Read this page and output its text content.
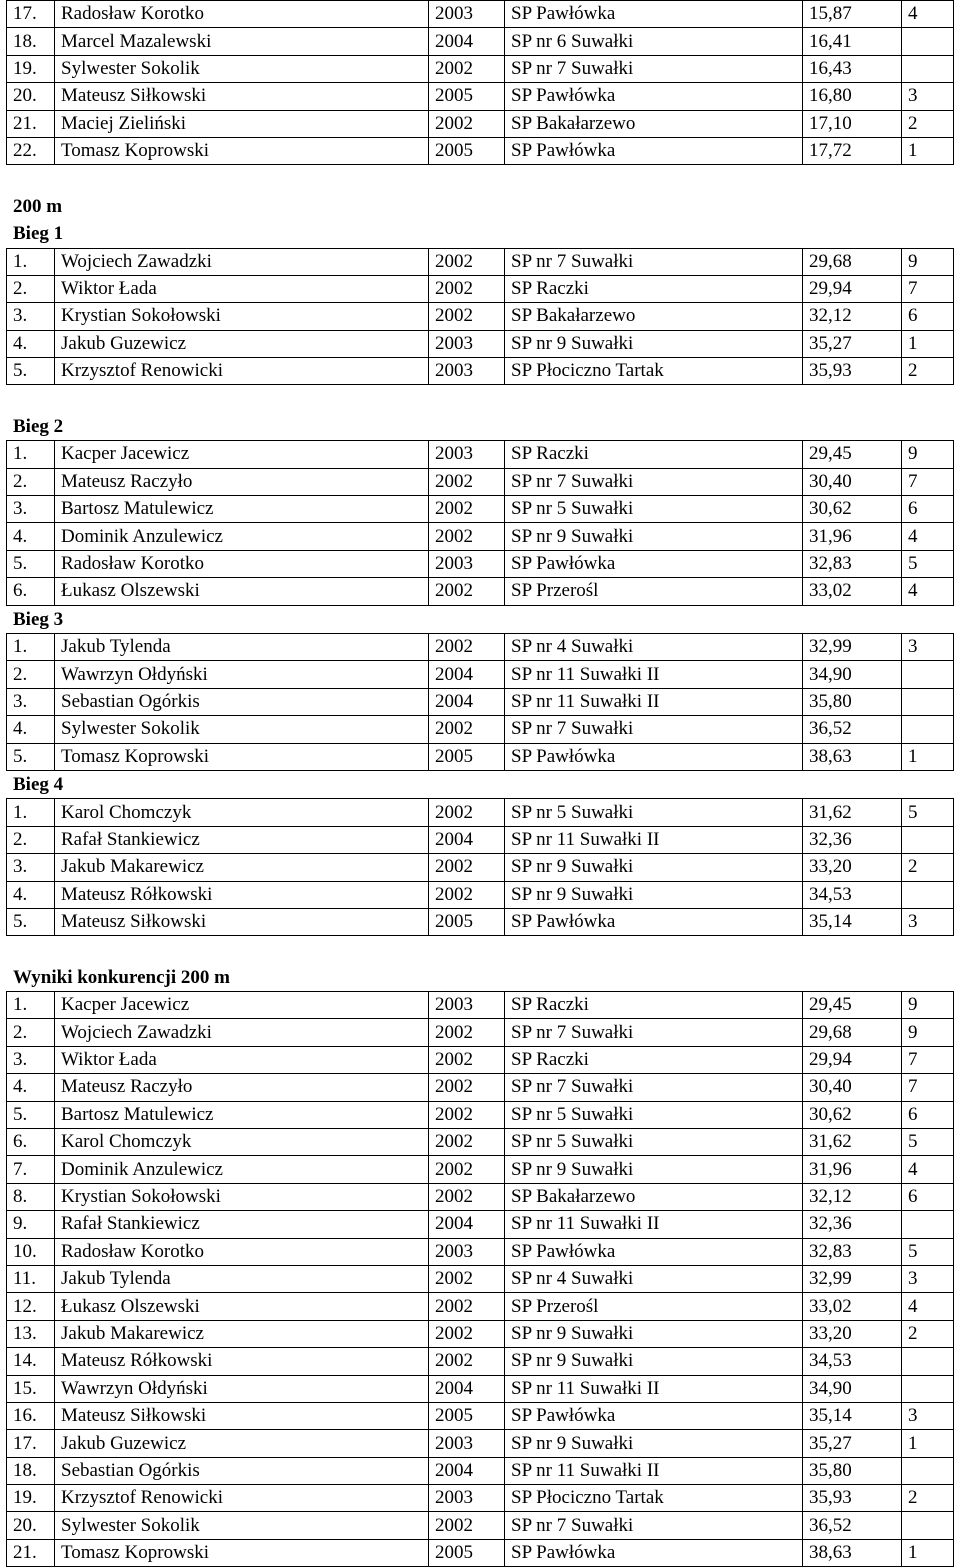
17.	Radosław Korotko	2003	SP Pawłówka	15,87	4
18.	Marcel Mazalewski	2004	SP nr 6 Suwałki	16,41	
19.	Sylwester Sokolik	2002	SP nr 7 Suwałki	16,43	
20.	Mateusz Siłkowski	2005	SP Pawłówka	16,80	3
21.	Maciej Zieliński	2002	SP Bakałarzewo	17,10	2
22.	Tomasz Koprowski	2005	SP Pawłówka	17,72	1
200 m
Bieg 1
1.	Wojciech Zawadzki	2002	SP nr 7 Suwałki	29,68	9
2.	Wiktor Łada	2002	SP Raczki	29,94	7
3.	Krystian Sokołowski	2002	SP Bakałarzewo	32,12	6
4.	Jakub Guzewicz	2003	SP nr 9 Suwałki	35,27	1
5.	Krzysztof Renowicki	2003	SP Płociczno Tartak	35,93	2
Bieg 2
1.	Kacper Jacewicz	2003	SP Raczki	29,45	9
2.	Mateusz Raczyło	2002	SP nr 7 Suwałki	30,40	7
3.	Bartosz Matulewicz	2002	SP nr 5 Suwałki	30,62	6
4.	Dominik Anzulewicz	2002	SP nr 9 Suwałki	31,96	4
5.	Radosław Korotko	2003	SP Pawłówka	32,83	5
6.	Łukasz Olszewski	2002	SP Przerośl	33,02	4
Bieg 3
1.	Jakub Tylenda	2002	SP nr 4 Suwałki	32,99	3
2.	Wawrzyn Ołdyński	2004	SP nr 11 Suwałki II	34,90	
3.	Sebastian Ogórkis	2004	SP nr 11 Suwałki II	35,80	
4.	Sylwester Sokolik	2002	SP nr 7 Suwałki	36,52	
5.	Tomasz Koprowski	2005	SP Pawłówka	38,63	1
Bieg 4
1.	Karol Chomczyk	2002	SP nr 5 Suwałki	31,62	5
2.	Rafał Stankiewicz	2004	SP nr 11 Suwałki II	32,36	
3.	Jakub Makarewicz	2002	SP nr 9 Suwałki	33,20	2
4.	Mateusz Rółkowski	2002	SP nr 9 Suwałki	34,53	
5.	Mateusz Siłkowski	2005	SP Pawłówka	35,14	3
Wyniki konkurencji 200 m
1.	Kacper Jacewicz	2003	SP Raczki	29,45	9
2.	Wojciech Zawadzki	2002	SP nr 7 Suwałki	29,68	9
3.	Wiktor Łada	2002	SP Raczki	29,94	7
4.	Mateusz Raczyło	2002	SP nr 7 Suwałki	30,40	7
5.	Bartosz Matulewicz	2002	SP nr 5 Suwałki	30,62	6
6.	Karol Chomczyk	2002	SP nr 5 Suwałki	31,62	5
7.	Dominik Anzulewicz	2002	SP nr 9 Suwałki	31,96	4
8.	Krystian Sokołowski	2002	SP Bakałarzewo	32,12	6
9.	Rafał Stankiewicz	2004	SP nr 11 Suwałki II	32,36	
10.	Radosław Korotko	2003	SP Pawłówka	32,83	5
11.	Jakub Tylenda	2002	SP nr 4 Suwałki	32,99	3
12.	Łukasz Olszewski	2002	SP Przerośl	33,02	4
13.	Jakub Makarewicz	2002	SP nr 9 Suwałki	33,20	2
14.	Mateusz Rółkowski	2002	SP nr 9 Suwałki	34,53	
15.	Wawrzyn Ołdyński	2004	SP nr 11 Suwałki II	34,90	
16.	Mateusz Siłkowski	2005	SP Pawłówka	35,14	3
17.	Jakub Guzewicz	2003	SP nr 9 Suwałki	35,27	1
18.	Sebastian Ogórkis	2004	SP nr 11 Suwałki II	35,80	
19.	Krzysztof Renowicki	2003	SP Płociczno Tartak	35,93	2
20.	Sylwester Sokolik	2002	SP nr 7 Suwałki	36,52	
21.	Tomasz Koprowski	2005	SP Pawłówka	38,63	1
